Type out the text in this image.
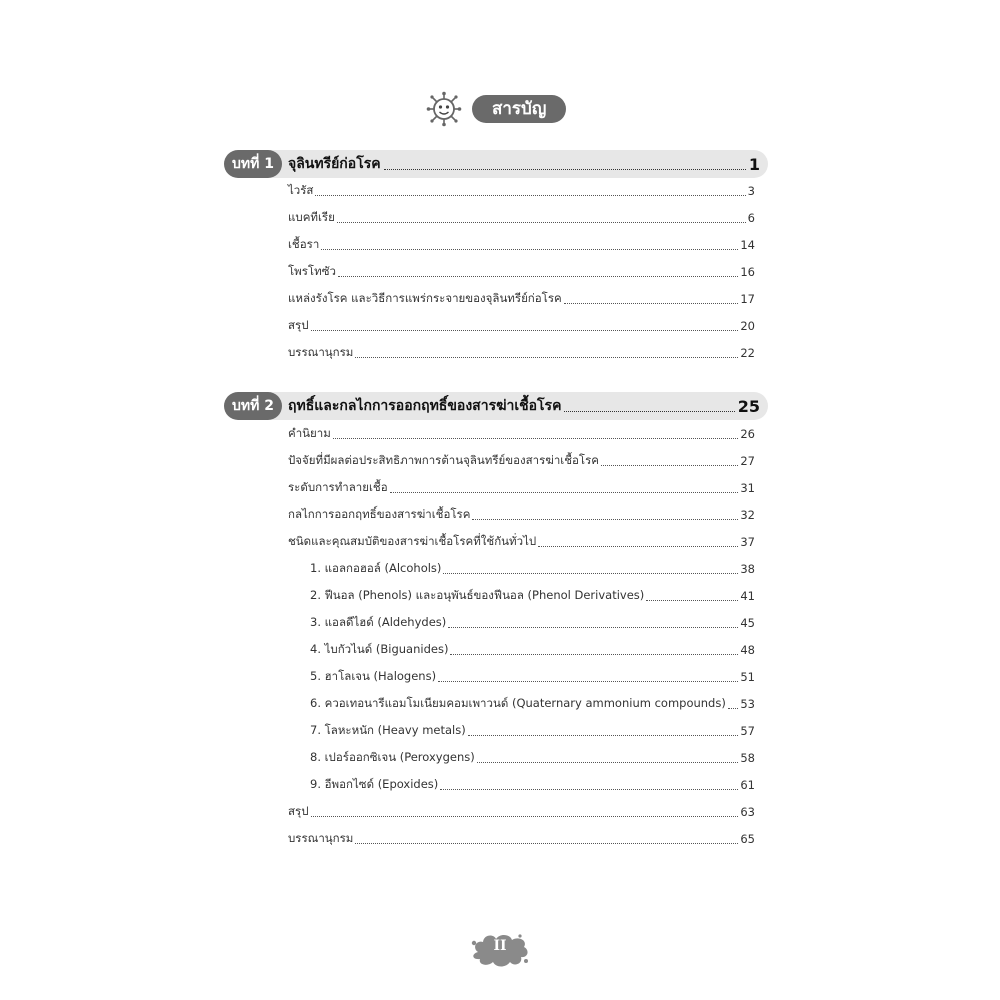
สารบัญ
บทที่ 1	จุลินทรีย์ก่อโรค	1
ไวรัส	3
แบคทีเรีย	6
เชื้อรา	14
โพรโทซัว	16
แหล่งรังโรค และวิธีการแพร่กระจายของจุลินทรีย์ก่อโรค	17
สรุป	20
บรรณานุกรม	22
บทที่ 2	ฤทธิ์และกลไกการออกฤทธิ์ของสารฆ่าเชื้อโรค	25
คำนิยาม	26
ปัจจัยที่มีผลต่อประสิทธิภาพการต้านจุลินทรีย์ของสารฆ่าเชื้อโรค	27
ระดับการทำลายเชื้อ	31
กลไกการออกฤทธิ์ของสารฆ่าเชื้อโรค	32
ชนิดและคุณสมบัติของสารฆ่าเชื้อโรคที่ใช้กันทั่วไป	37
1. แอลกอฮอล์ (Alcohols)	38
2. ฟีนอล (Phenols) และอนุพันธ์ของฟีนอล (Phenol Derivatives)	41
3. แอลดีไฮด์ (Aldehydes)	45
4. ไบกัวไนด์ (Biguanides)	48
5. ฮาโลเจน (Halogens)	51
6. ควอเทอนารีแอมโมเนียมคอมเพาวนด์ (Quaternary ammonium compounds) 53
7. โลหะหนัก (Heavy metals)	57
8. เปอร์ออกซิเจน (Peroxygens)	58
9. อีพอกไซด์ (Epoxides)	61
สรุป	63
บรรณานุกรม	65
II
